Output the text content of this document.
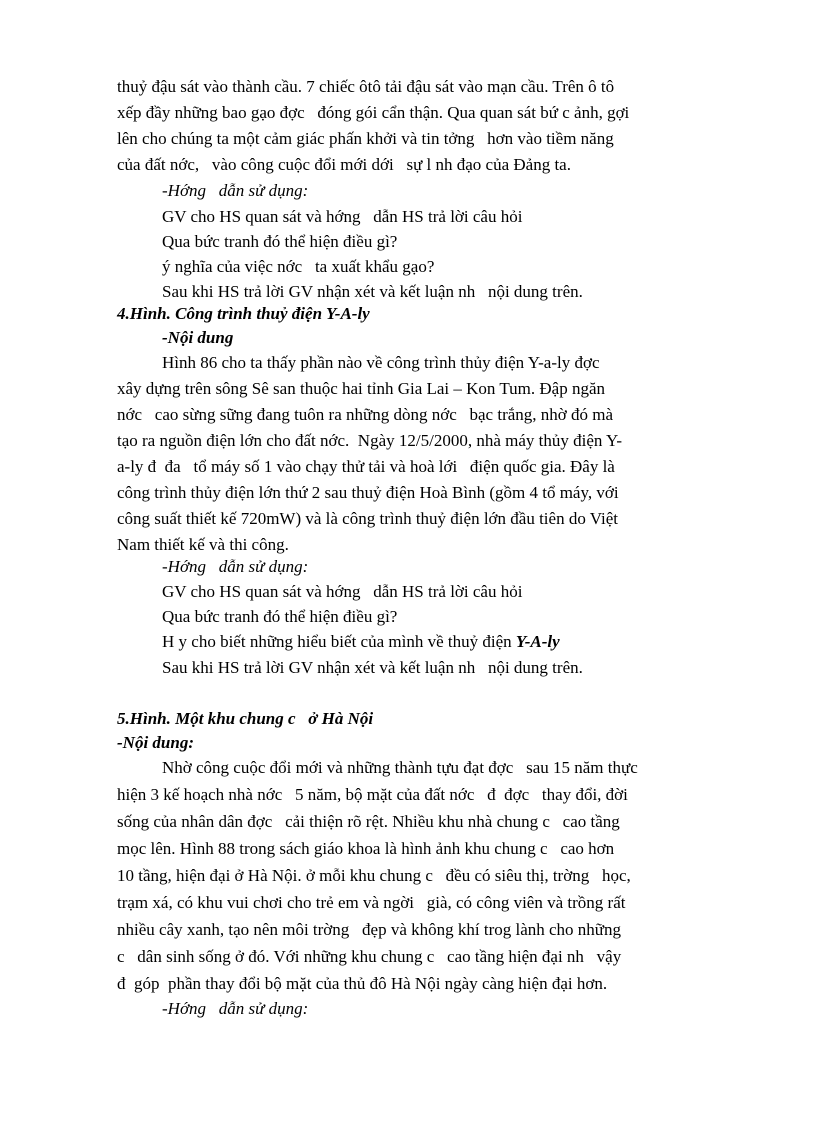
thuỷ đậu sát vào thành cầu. 7 chiếc ôtô tải đậu sát vào mạn cầu. Trên ô tô
xếp đầy những bao gạo đợc   đóng gói cẩn thận. Qua quan sát bứ c ảnh, gợi
lên cho chúng ta một cảm giác phấn khởi và tin tởng   hơn vào tiềm năng
của đất nớc,   vào công cuộc đổi mới dới   sự l nh đạo của Đảng ta.
-Hớng   dẫn sử dụng:
GV cho HS quan sát và hớng   dẫn HS trả lời câu hỏi
Qua bức tranh đó thể hiện điều gì?
ý nghĩa của việc nớc   ta xuất khẩu gạo?
Sau khi HS trả lời GV nhận xét và kết luận nh   nội dung trên.
4.Hình. Công trình thuỷ điện Y-A-ly
-Nội dung
Hình 86 cho ta thấy phần nào về công trình thủy điện Y-a-ly đợc
xây dựng trên sông Sê san thuộc hai tỉnh Gia Lai – Kon Tum. Đập ngăn
nớc   cao sừng sững đang tuôn ra những dòng nớc   bạc trắng, nhờ đó mà
tạo ra nguồn điện lớn cho đất nớc.  Ngày 12/5/2000, nhà máy thủy điện Y-
a-ly đ  đa   tổ máy số 1 vào chạy thử tải và hoà lới   điện quốc gia. Đây là
công trình thủy điện lớn thứ 2 sau thuỷ điện Hoà Bình (gồm 4 tổ máy, với
công suất thiết kế 720mW) và là công trình thuỷ điện lớn đầu tiên do Việt
Nam thiết kế và thi công.
-Hớng   dẫn sử dụng:
GV cho HS quan sát và hớng   dẫn HS trả lời câu hỏi
Qua bức tranh đó thể hiện điều gì?
H y cho biết những hiểu biết của mình về thuỷ điện Y-A-ly
Sau khi HS trả lời GV nhận xét và kết luận nh   nội dung trên.
5.Hình. Một khu chung c   ở Hà Nội
-Nội dung:
Nhờ công cuộc đổi mới và những thành tựu đạt đợc   sau 15 năm thực
hiện 3 kế hoạch nhà nớc   5 năm, bộ mặt của đất nớc   đ  đợc   thay đổi, đời
sống của nhân dân đợc   cải thiện rõ rệt. Nhiều khu nhà chung c   cao tầng
mọc lên. Hình 88 trong sách giáo khoa là hình ảnh khu chung c   cao hơn
10 tầng, hiện đại ở Hà Nội. ở mỗi khu chung c   đều có siêu thị, trờng   học,
trạm xá, có khu vui chơi cho trẻ em và ngời   già, có công viên và trồng rất
nhiều cây xanh, tạo nên môi trờng   đẹp và không khí trog lành cho những
c   dân sinh sống ở đó. Với những khu chung c   cao tầng hiện đại nh   vậy
đ  góp  phần thay đổi bộ mặt của thủ đô Hà Nội ngày càng hiện đại hơn.
-Hớng   dẫn sử dụng:
